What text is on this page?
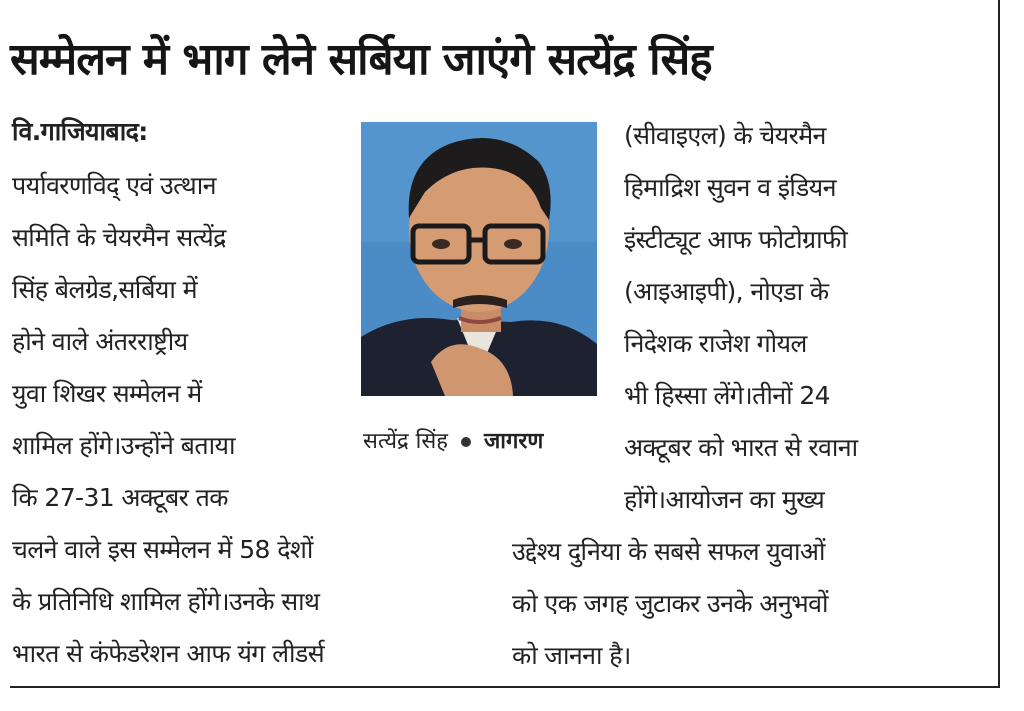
सम्मेलन में भाग लेने सर्बिया जाएंगे सत्येंद्र सिंह
वि.गाजियाबाद:
पर्यावरणविद् एवं उत्थान
समिति के चेयरमैन सत्येंद्र
सिंह बेलग्रेड,सर्बिया में
होने वाले अंतरराष्ट्रीय
युवा शिखर सम्मेलन में
शामिल होंगे।उन्होंने बताया
कि 27-31 अक्टूबर तक
चलने वाले इस सम्मेलन में 58 देशों
के प्रतिनिधि शामिल होंगे।उनके साथ
भारत से कंफेडरेशन आफ यंग लीडर्स
सत्येंद्र सिंह जागरण
(सीवाइएल) के चेयरमैन
हिमाद्रिश सुवन व इंडियन
इंस्टीट्यूट आफ फोटोग्राफी
(आइआइपी), नोएडा के
निदेशक राजेश गोयल
भी हिस्सा लेंगे।तीनों 24
अक्टूबर को भारत से रवाना
होंगे।आयोजन का मुख्य
उद्देश्य दुनिया के सबसे सफल युवाओं
को एक जगह जुटाकर उनके अनुभवों
को जानना है।
